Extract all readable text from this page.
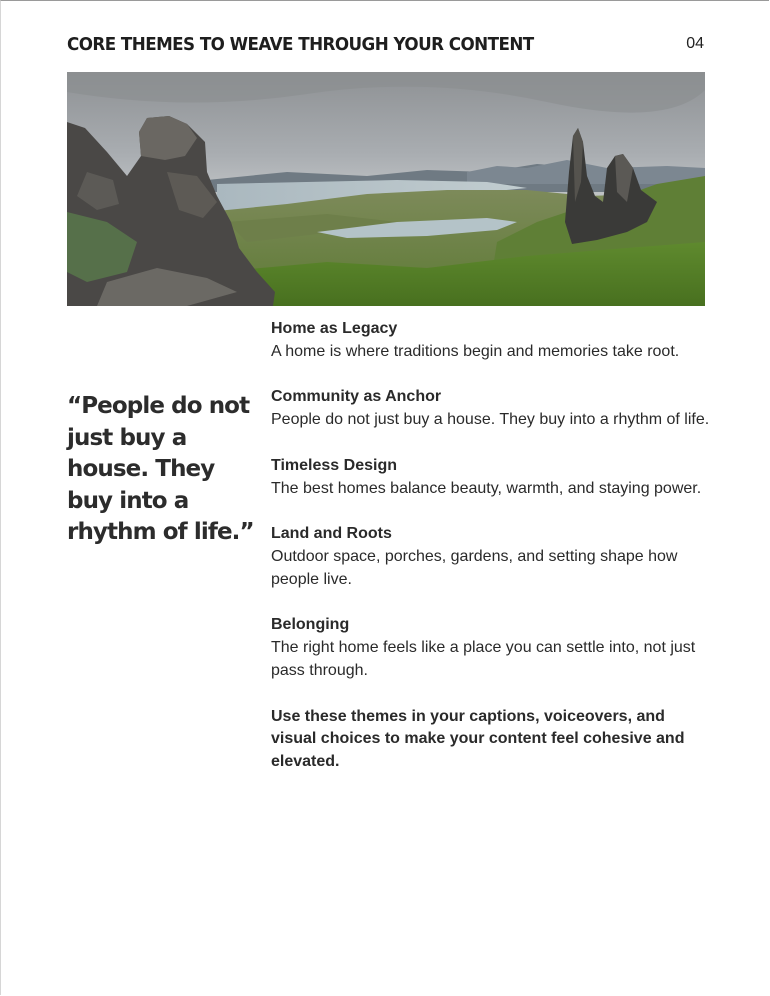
CORE THEMES TO WEAVE THROUGH YOUR CONTENT	04
“People do not just buy a house. They buy into a rhythm of life.”
Home as Legacy
A home is where traditions begin and memories take root.
Community as Anchor
People do not just buy a house. They buy into a rhythm of life.
Timeless Design
The best homes balance beauty, warmth, and staying power.
Land and Roots
Outdoor space, porches, gardens, and setting shape how people live.
Belonging
The right home feels like a place you can settle into, not just pass through.
Use these themes in your captions, voiceovers, and visual choices to make your content feel cohesive and elevated.
